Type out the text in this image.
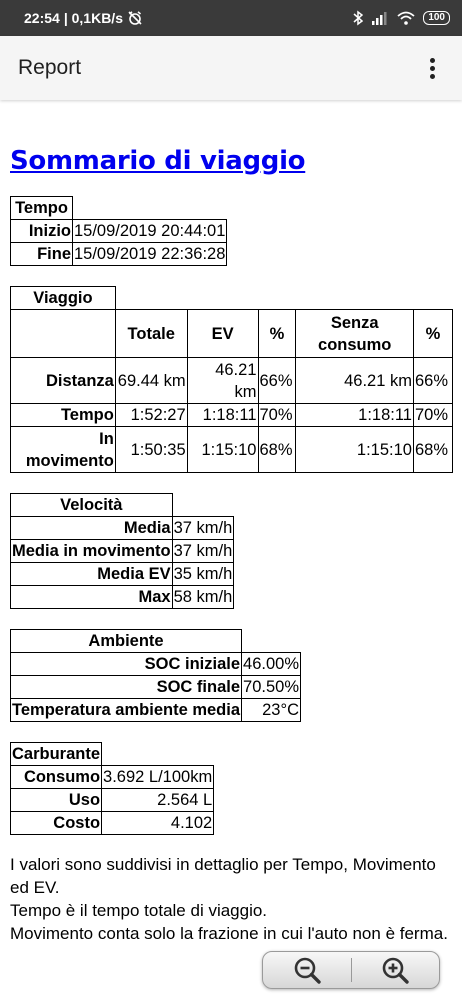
22:54 | 0,1KB/s	100
Report
Sommario di viaggio
Tempo	
Inizio	15/09/2019 20:44:01
Fine	15/09/2019 22:36:28
Viaggio					
	Totale	EV	%	Senza consumo	%
Distanza	69.44 km	46.21 km	66%	46.21 km	66%
Tempo	1:52:27	1:18:11	70%	1:18:11	70%
In movimento	1:50:35	1:15:10	68%	1:15:10	68%
Velocità	
Media	37 km/h
Media in movimento	37 km/h
Media EV	35 km/h
Max	58 km/h
Ambiente	
SOC iniziale	46.00%
SOC finale	70.50%
Temperatura ambiente media	23°C
Carburante	
Consumo	3.692 L/100km
Uso	2.564 L
Costo	4.102
I valori sono suddivisi in dettaglio per Tempo, Movimento ed EV.
Tempo è il tempo totale di viaggio.
Movimento conta solo la frazione in cui l'auto non è ferma.
